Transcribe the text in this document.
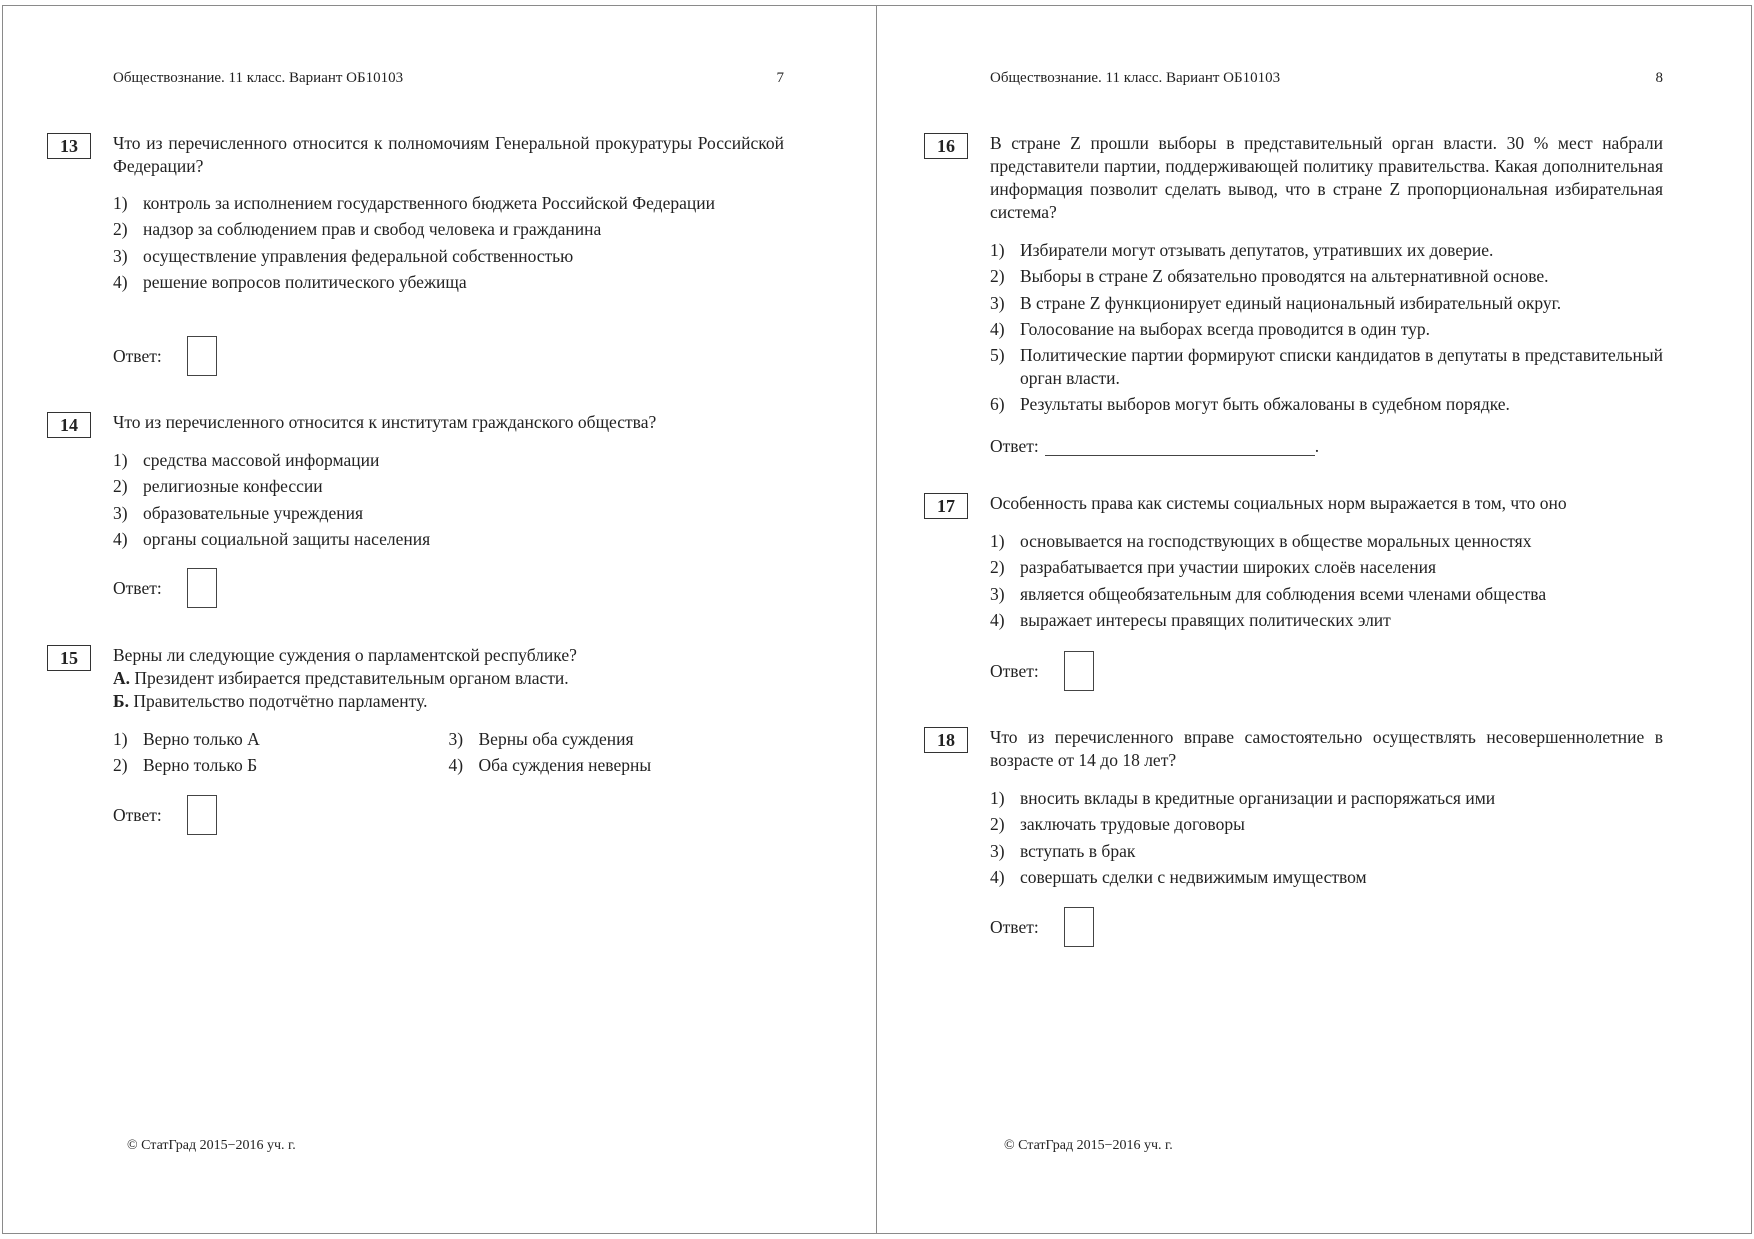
Обществознание. 11 класс. Вариант ОБ10103	7
13	Что из перечисленного относится к полномочиям Генеральной прокуратуры Российской Федерации?
1) контроль за исполнением государственного бюджета Российской Федерации
2) надзор за соблюдением прав и свобод человека и гражданина
3) осуществление управления федеральной собственностью
4) решение вопросов политического убежища
Ответ:
14	Что из перечисленного относится к институтам гражданского общества?
1) средства массовой информации
2) религиозные конфессии
3) образовательные учреждения
4) органы социальной защиты населения
Ответ:
15	Верны ли следующие суждения о парламентской республике?
А. Президент избирается представительным органом власти.
Б. Правительство подотчётно парламенту.
1) Верно только А	3) Верны оба суждения
2) Верно только Б	4) Оба суждения неверны
Ответ:
© СтатГрад 2015−2016 уч. г.
Обществознание. 11 класс. Вариант ОБ10103	8
16	В стране Z прошли выборы в представительный орган власти. 30 % мест набрали представители партии, поддерживающей политику правительства. Какая дополнительная информация позволит сделать вывод, что в стране Z пропорциональная избирательная система?
1) Избиратели могут отзывать депутатов, утративших их доверие.
2) Выборы в стране Z обязательно проводятся на альтернативной основе.
3) В стране Z функционирует единый национальный избирательный округ.
4) Голосование на выборах всегда проводится в один тур.
5) Политические партии формируют списки кандидатов в депутаты в представительный орган власти.
6) Результаты выборов могут быть обжалованы в судебном порядке.
Ответ:	.
17	Особенность права как системы социальных норм выражается в том, что оно
1) основывается на господствующих в обществе моральных ценностях
2) разрабатывается при участии широких слоёв населения
3) является общеобязательным для соблюдения всеми членами общества
4) выражает интересы правящих политических элит
Ответ:
18	Что из перечисленного вправе самостоятельно осуществлять несовершеннолетние в возрасте от 14 до 18 лет?
1) вносить вклады в кредитные организации и распоряжаться ими
2) заключать трудовые договоры
3) вступать в брак
4) совершать сделки с недвижимым имуществом
Ответ:
© СтатГрад 2015−2016 уч. г.
